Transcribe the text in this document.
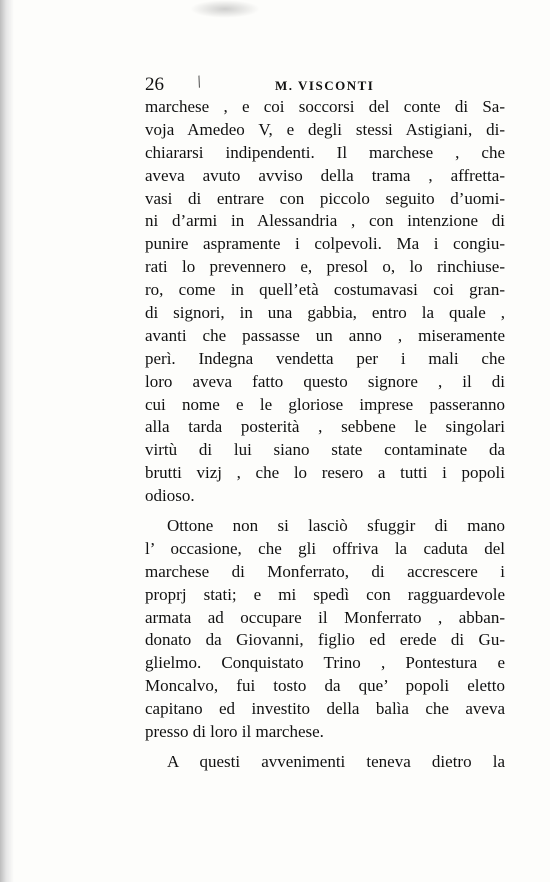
26 /	M. VISCONTI
marchese , e coi soccorsi del conte di Sa-
voja Amedeo V, e degli stessi Astigiani, di-
chiararsi indipendenti. Il marchese , che
aveva avuto avviso della trama , affretta-
vasi di entrare con piccolo seguito d’uomi-
ni d’armi in Alessandria , con intenzione di
punire aspramente i colpevoli. Ma i congiu-
rati lo prevennero e, presol o, lo rinchiuse-
ro, come in quell’età costumavasi coi gran-
di signori, in una gabbia, entro la quale ,
avanti che passasse un anno , miseramente
perì. Indegna vendetta per i mali che
loro aveva fatto questo signore , il di
cui nome e le gloriose imprese passeranno
alla tarda posterità , sebbene le singolari
virtù di lui siano state contaminate da
brutti vizj , che lo resero a tutti i popoli
odioso.
Ottone non si lasciò sfuggir di mano
l’ occasione, che gli offriva la caduta del
marchese di Monferrato, di accrescere i
proprj stati; e mi spedì con ragguardevole
armata ad occupare il Monferrato , abban-
donato da Giovanni, figlio ed erede di Gu-
glielmo. Conquistato Trino , Pontestura e
Moncalvo, fui tosto da que’ popoli eletto
capitano ed investito della balìa che aveva
presso di loro il marchese.
A questi avvenimenti teneva dietro la
